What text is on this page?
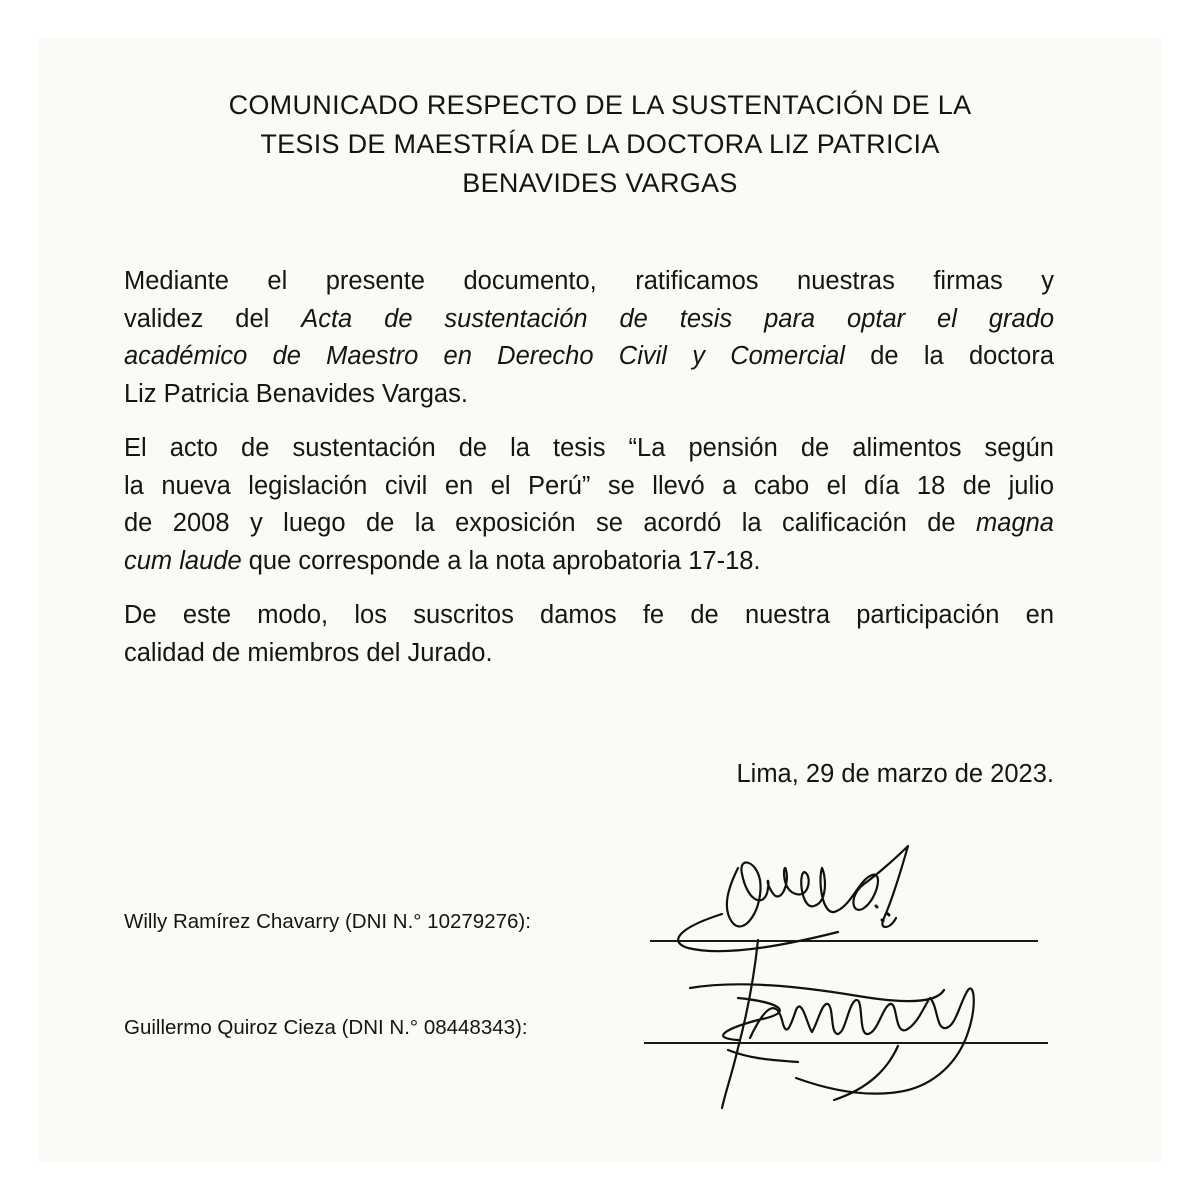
COMUNICADO RESPECTO DE LA SUSTENTACIÓN DE LA
TESIS DE MAESTRÍA DE LA DOCTORA LIZ PATRICIA
BENAVIDES VARGAS

Mediante el presente documento, ratificamos nuestras firmas y
validez del Acta de sustentación de tesis para optar el grado
académico de Maestro en Derecho Civil y Comercial de la doctora
Liz Patricia Benavides Vargas.

El acto de sustentación de la tesis “La pensión de alimentos según
la nueva legislación civil en el Perú” se llevó a cabo el día 18 de julio
de 2008 y luego de la exposición se acordó la calificación de magna
cum laude que corresponde a la nota aprobatoria 17-18.

De este modo, los suscritos damos fe de nuestra participación en
calidad de miembros del Jurado.

Lima, 29 de marzo de 2023.
Willy Ramírez Chavarry (DNI N.° 10279276):
Guillermo Quiroz Cieza (DNI N.° 08448343):
